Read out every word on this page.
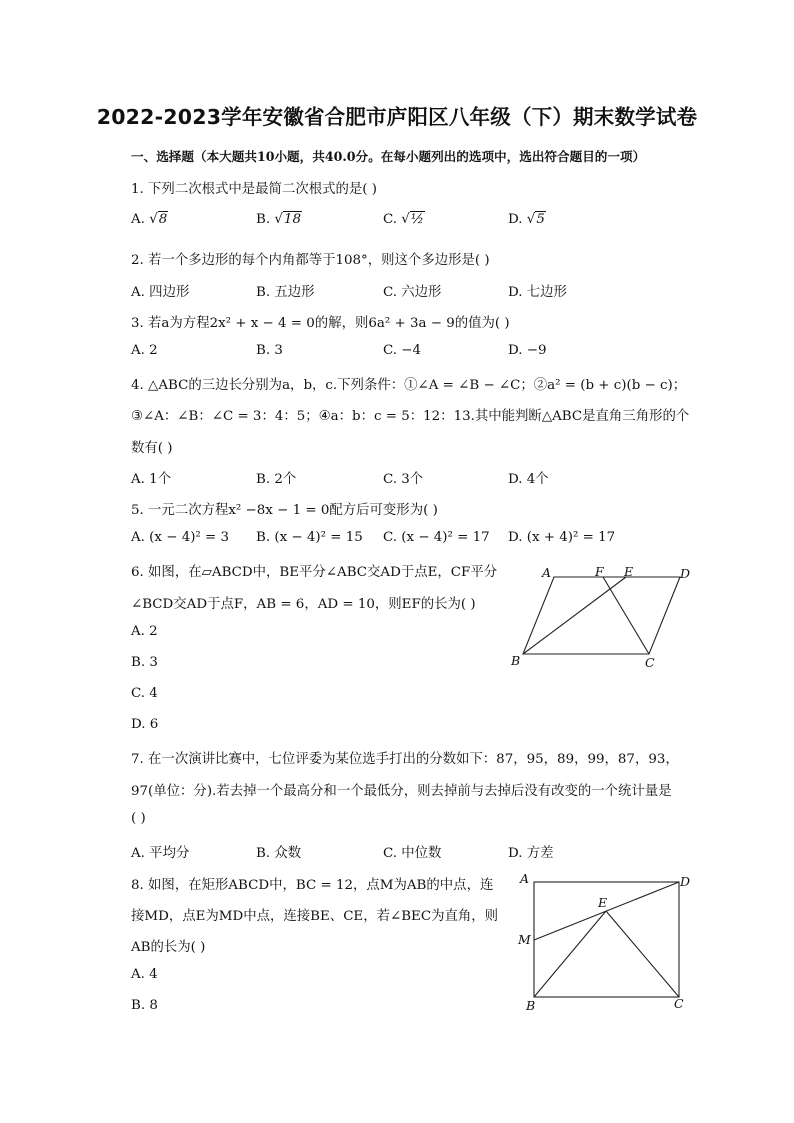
2022-2023学年安徽省合肥市庐阳区八年级（下）期末数学试卷
一、选择题（本大题共10小题，共40.0分。在每小题列出的选项中，选出符合题目的一项）
1. 下列二次根式中是最简二次根式的是( )
A. √8	B. √18	C. √½	D. √5
2. 若一个多边形的每个内角都等于108°，则这个多边形是( )
A. 四边形	B. 五边形	C. 六边形	D. 七边形
3. 若a为方程2x² + x − 4 = 0的解，则6a² + 3a − 9的值为( )
A. 2	B. 3	C. −4	D. −9
4. △ABC的三边长分别为a，b，c.下列条件：①∠A = ∠B − ∠C；②a² = (b + c)(b − c)；
③∠A：∠B：∠C = 3：4：5；④a：b：c = 5：12：13.其中能判断△ABC是直角三角形的个
数有( )
A. 1个	B. 2个	C. 3个	D. 4个
5. 一元二次方程x² −8x − 1 = 0配方后可变形为( )
A. (x − 4)² = 3 B. (x − 4)² = 15 C. (x − 4)² = 17 D. (x + 4)² = 17
6. 如图，在▱ABCD中，BE平分∠ABC交AD于点E，CF平分
∠BCD交AD于点F，AB = 6，AD = 10，则EF的长为( )
A. 2
B. 3
C. 4
D. 6
A	F E	D
B	C
7. 在一次演讲比赛中，七位评委为某位选手打出的分数如下：87，95，89，99，87，93，
97(单位：分).若去掉一个最高分和一个最低分，则去掉前与去掉后没有改变的一个统计量是
( )
A. 平均分	B. 众数	C. 中位数	D. 方差
8. 如图，在矩形ABCD中，BC = 12，点M为AB的中点，连
接MD，点E为MD中点，连接BE、CE，若∠BEC为直角，则
AB的长为( )
A. 4
B. 8
A	D
E
M
B	C
